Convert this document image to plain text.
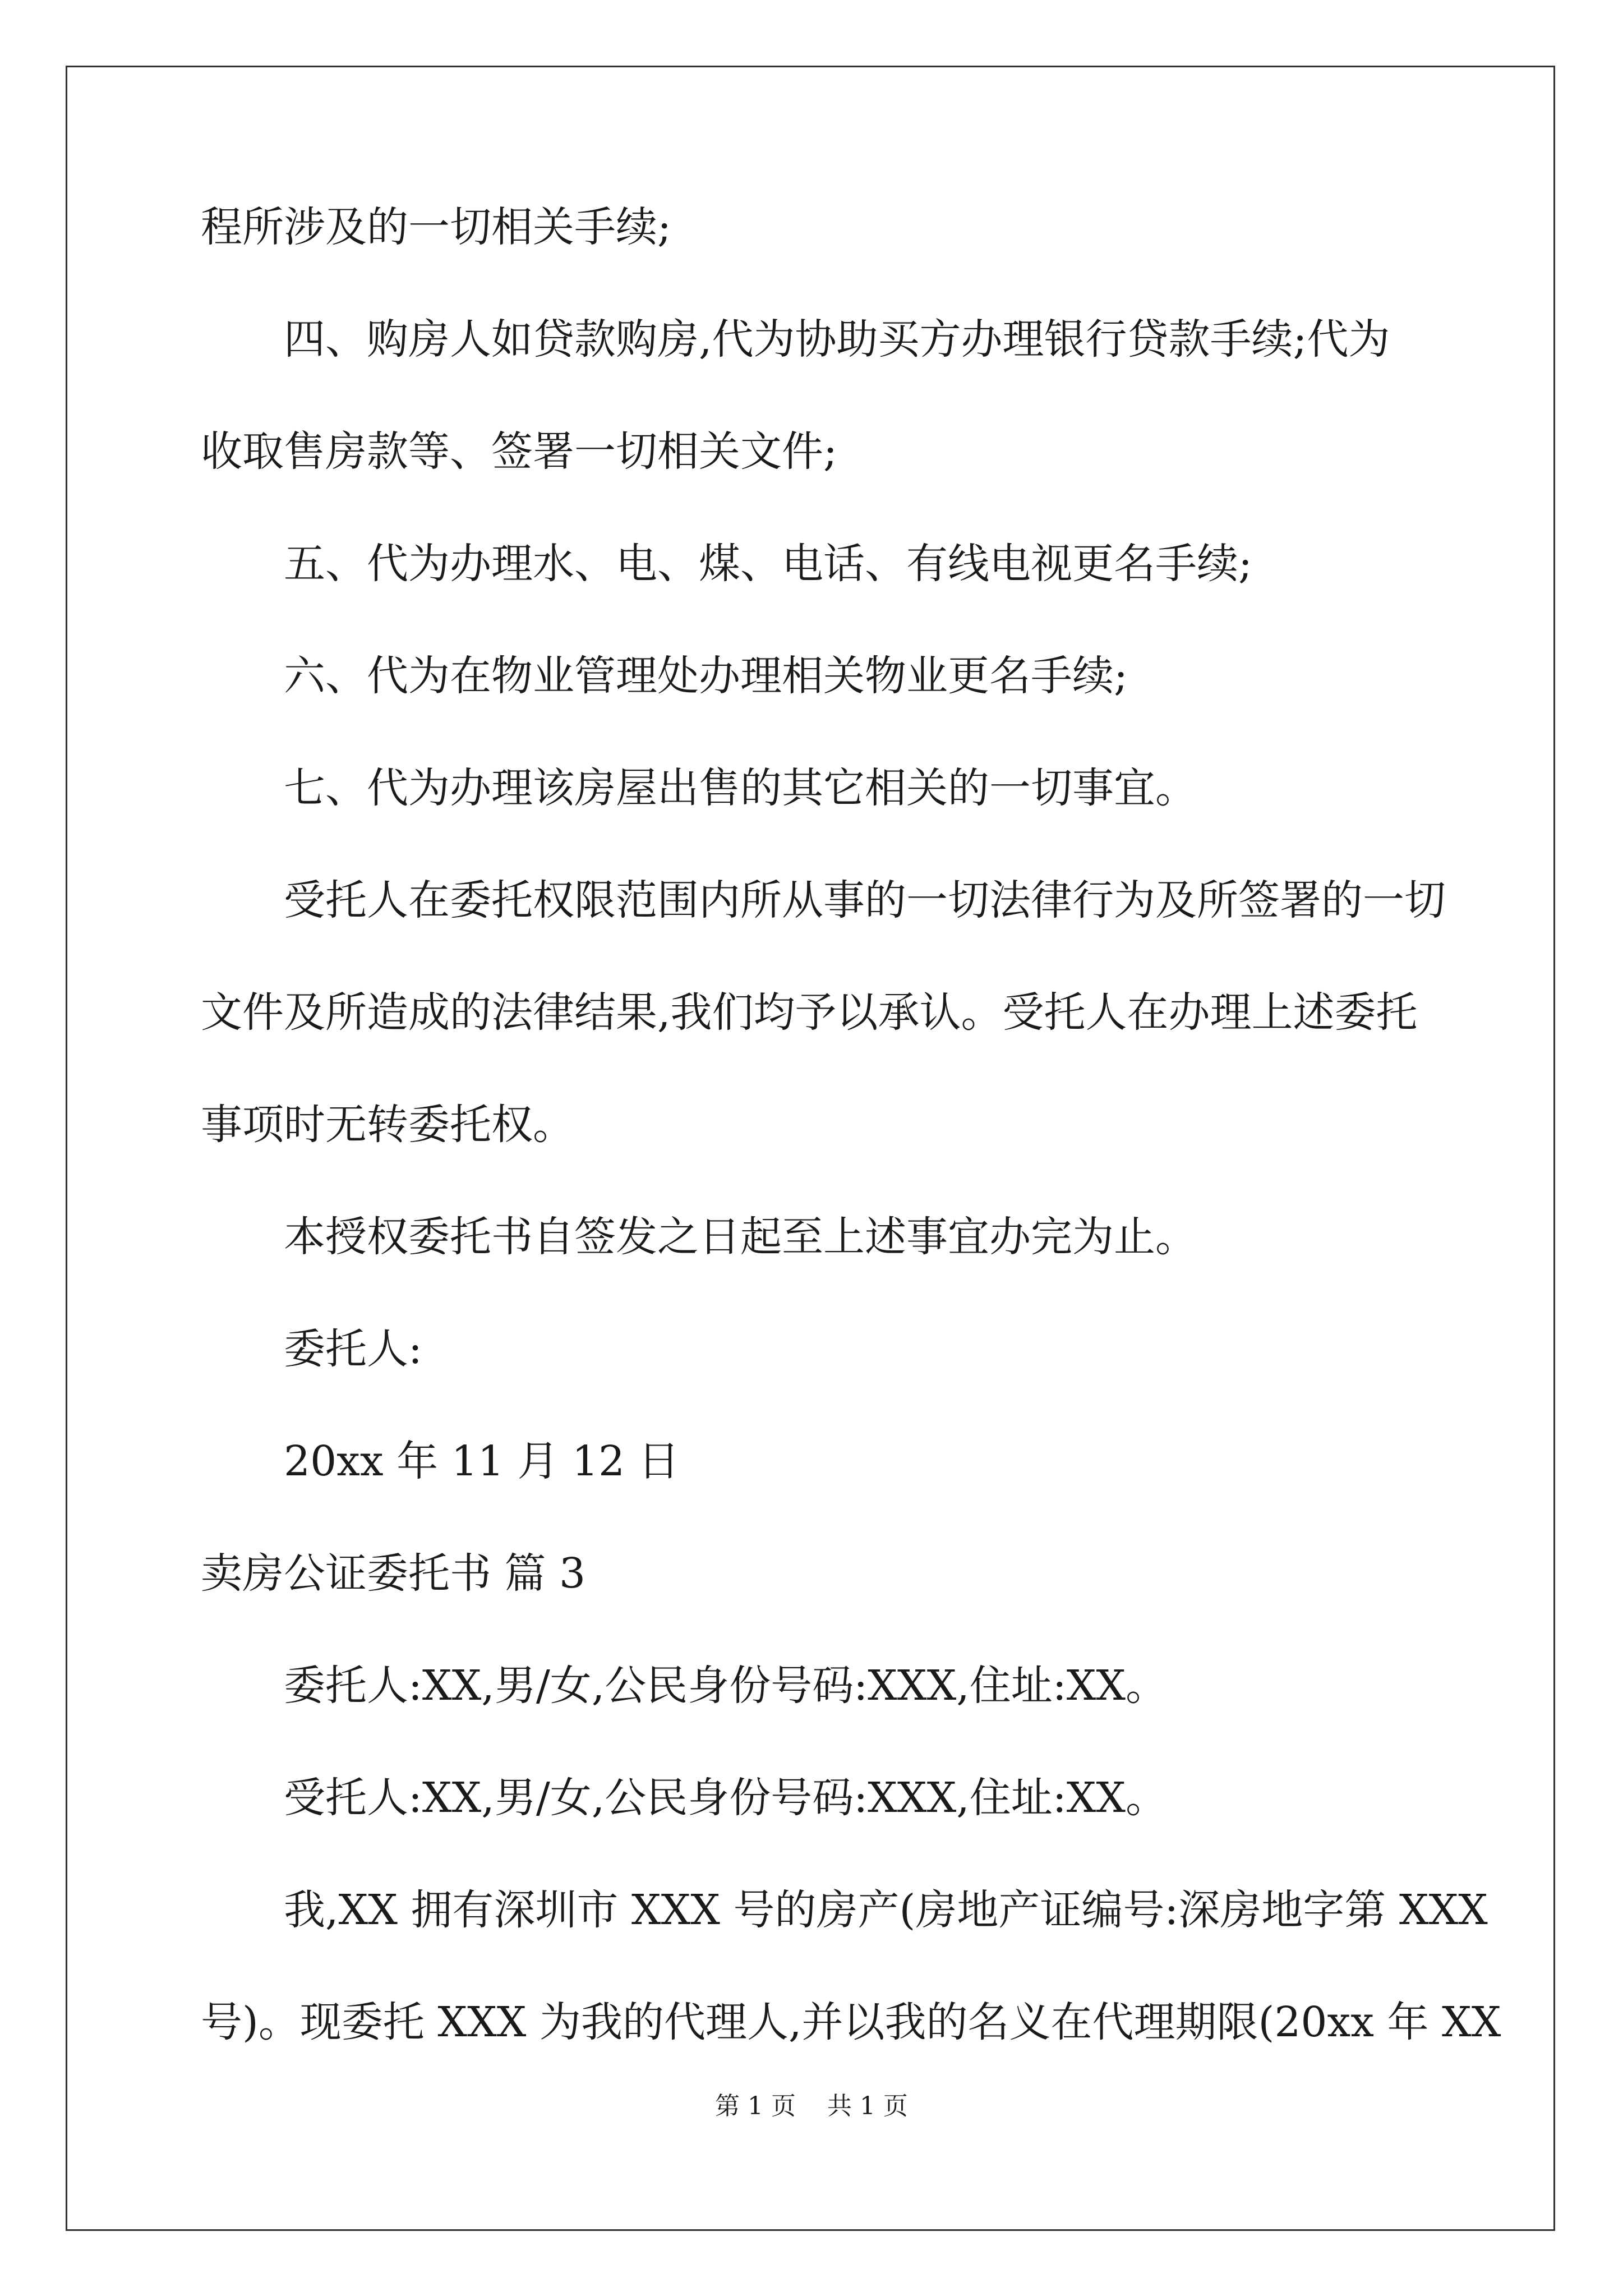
程所涉及的一切相关手续;
四、购房人如贷款购房,代为协助买方办理银行贷款手续;代为
收取售房款等、签署一切相关文件;
五、代为办理水、电、煤、电话、有线电视更名手续;
六、代为在物业管理处办理相关物业更名手续;
七、代为办理该房屋出售的其它相关的一切事宜。
受托人在委托权限范围内所从事的一切法律行为及所签署的一切
文件及所造成的法律结果,我们均予以承认。受托人在办理上述委托
事项时无转委托权。
本授权委托书自签发之日起至上述事宜办完为止。
委托人:
20xx 年 11 月 12 日
卖房公证委托书 篇 3
委托人:XX,男/女,公民身份号码:XXX,住址:XX。
受托人:XX,男/女,公民身份号码:XXX,住址:XX。
我,XX 拥有深圳市 XXX 号的房产(房地产证编号:深房地字第 XXX
号)。现委托 XXX 为我的代理人,并以我的名义在代理期限(20xx 年 XX
第 1 页    共 1 页
